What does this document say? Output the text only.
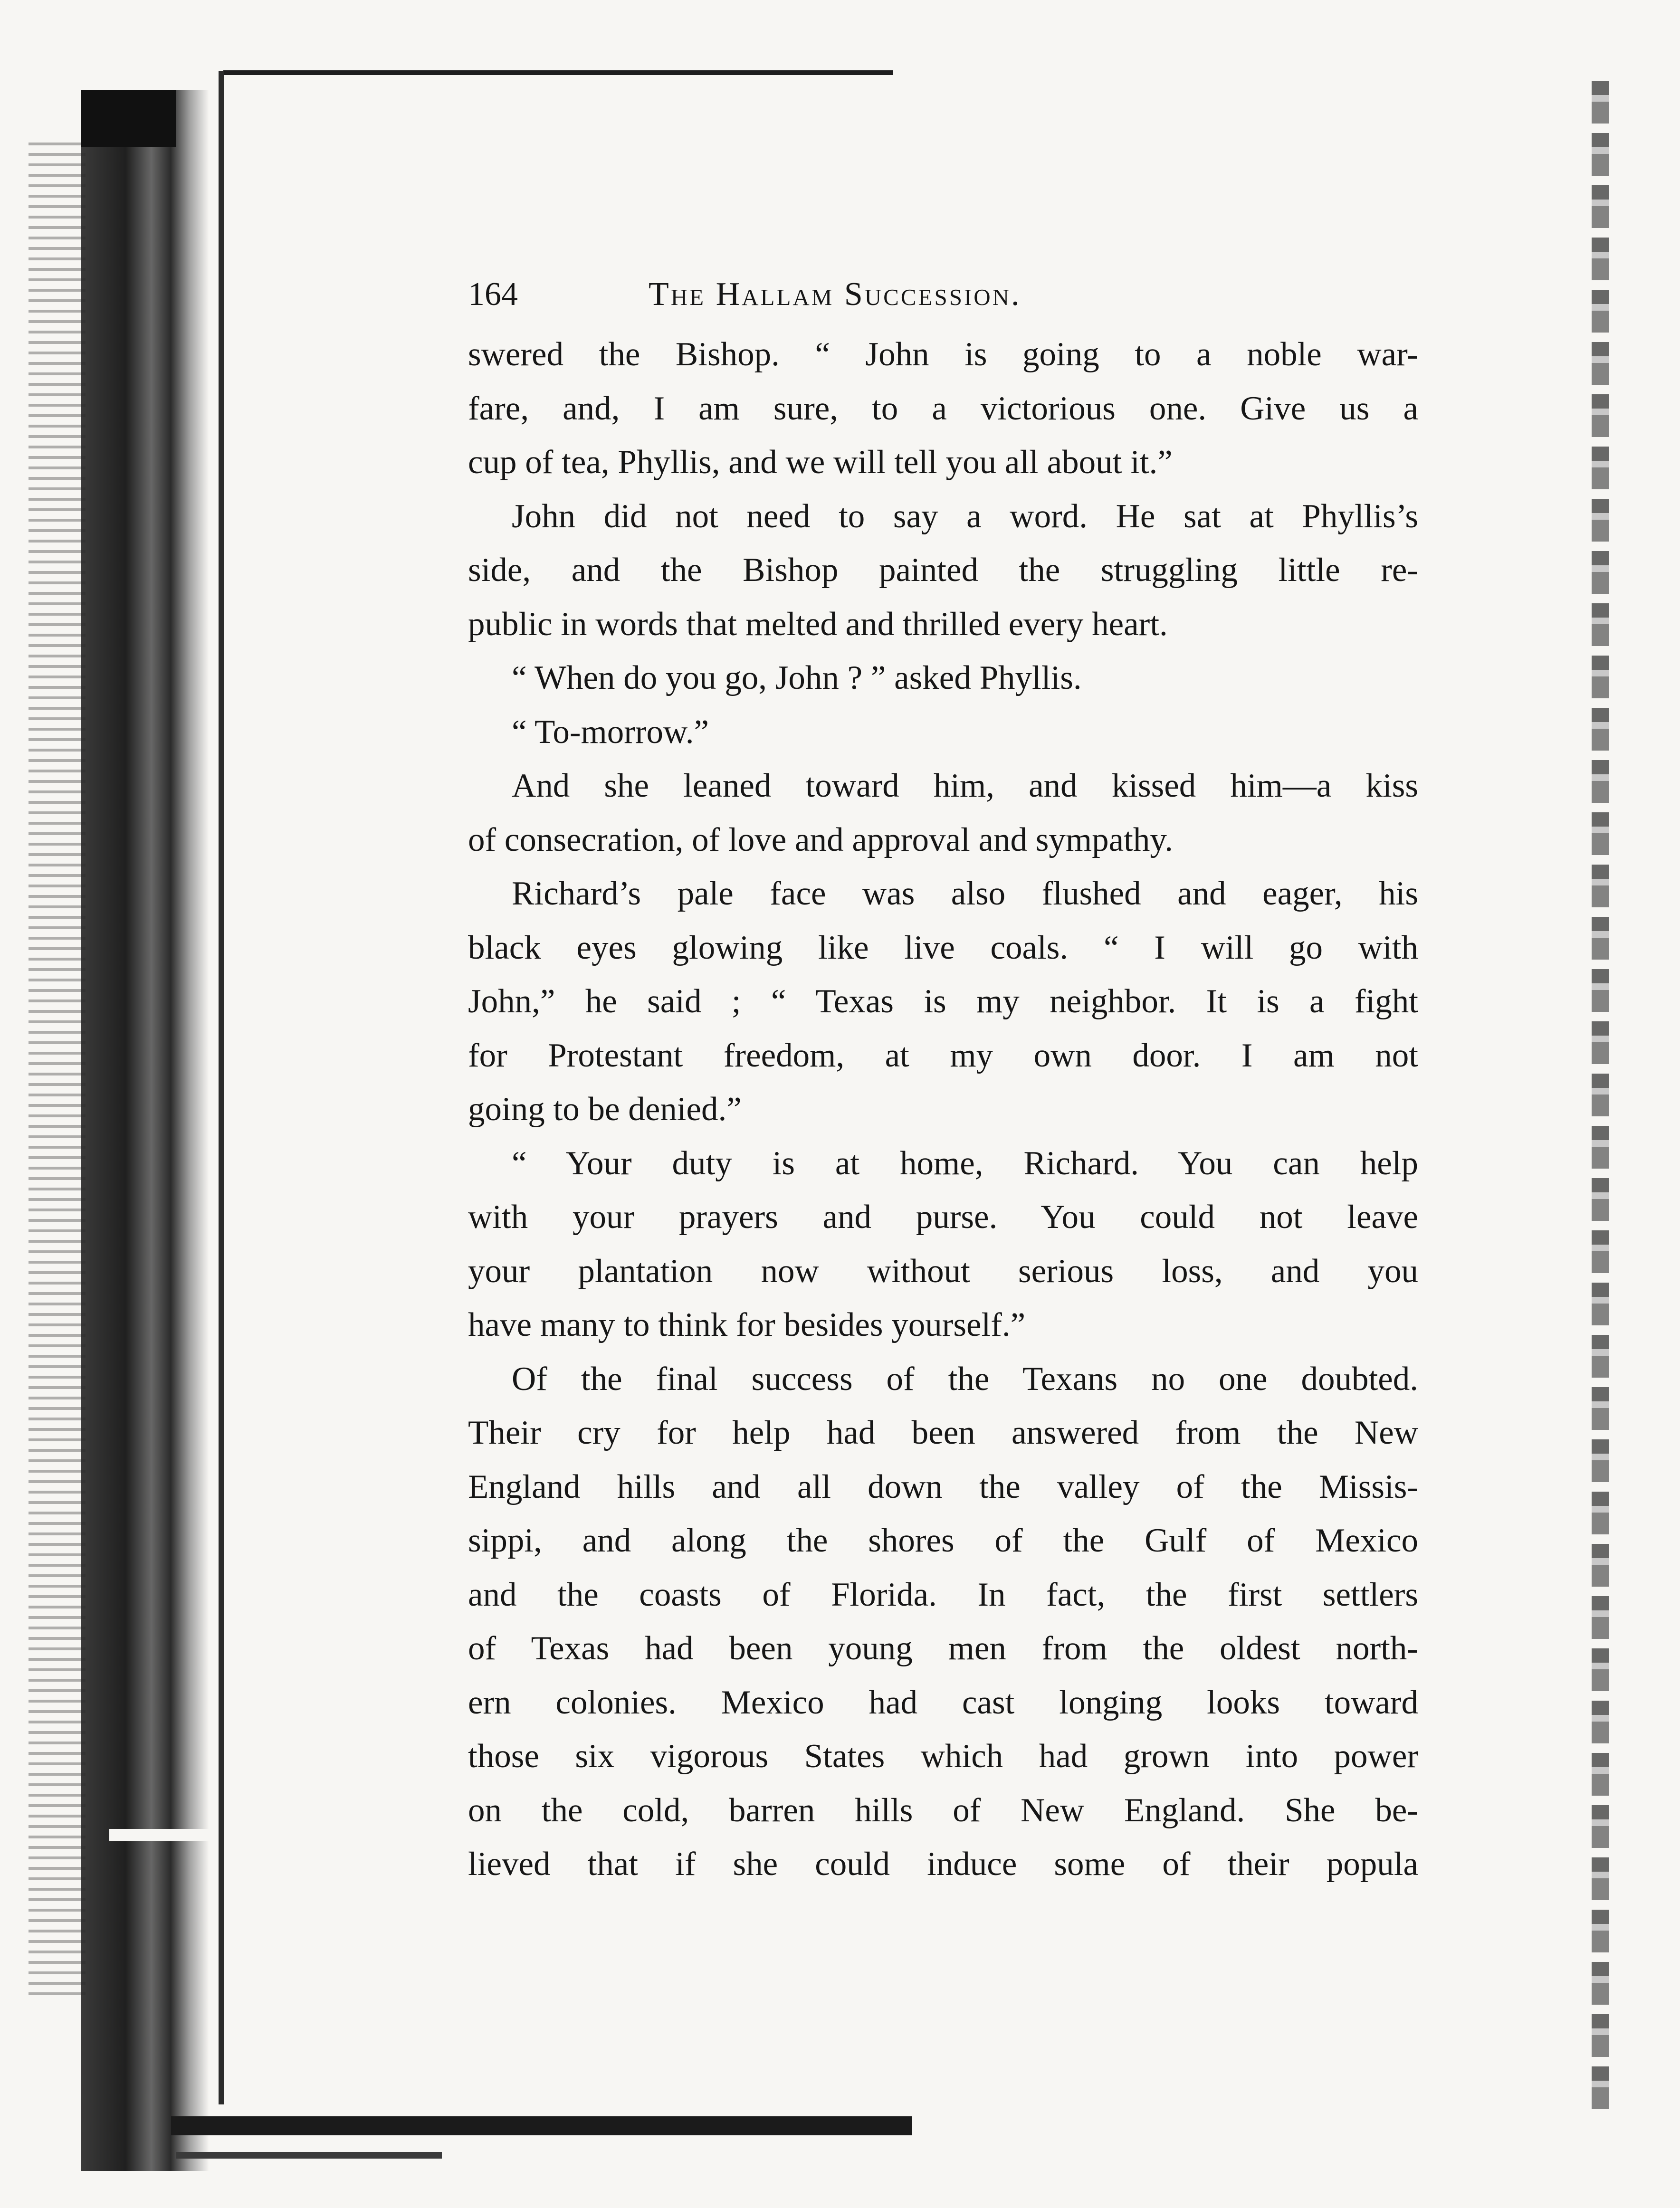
164	The Hallam Succession.
swered the Bishop. “ John is going to a noble war-
fare, and, I am sure, to a victorious one. Give us a
cup of tea, Phyllis, and we will tell you all about it.”
John did not need to say a word. He sat at Phyllis’s
side, and the Bishop painted the struggling little re-
public in words that melted and thrilled every heart.
“ When do you go, John ? ” asked Phyllis.
“ To-morrow.”
And she leaned toward him, and kissed him—a kiss
of consecration, of love and approval and sympathy.
Richard’s pale face was also flushed and eager, his
black eyes glowing like live coals. “ I will go with
John,” he said ; “ Texas is my neighbor. It is a fight
for Protestant freedom, at my own door. I am not
going to be denied.”
“ Your duty is at home, Richard. You can help
with your prayers and purse. You could not leave
your plantation now without serious loss, and you
have many to think for besides yourself.”
Of the final success of the Texans no one doubted.
Their cry for help had been answered from the New
England hills and all down the valley of the Missis-
sippi, and along the shores of the Gulf of Mexico
and the coasts of Florida. In fact, the first settlers
of Texas had been young men from the oldest north-
ern colonies. Mexico had cast longing looks toward
those six vigorous States which had grown into power
on the cold, barren hills of New England. She be-
lieved that if she could induce some of their popula
